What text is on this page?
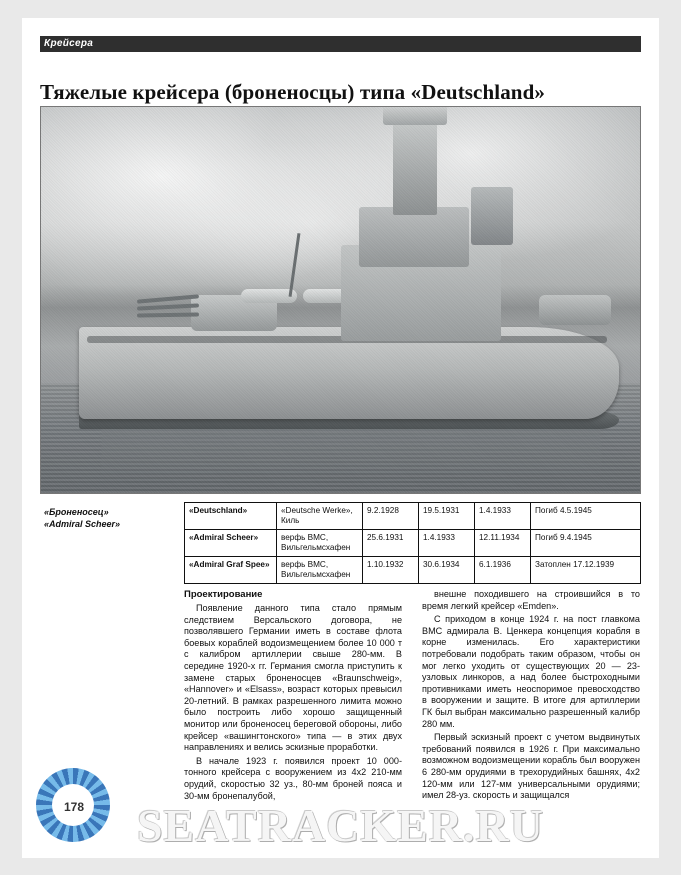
Крейсера
Тяжелые крейсера (броненосцы) типа «Deutschland»
«Броненосец»
«Admiral Scheer»
«Deutschland»	«Deutsche Werke», Киль	9.2.1928	19.5.1931	1.4.1933	Погиб 4.5.1945
«Admiral Scheer»	верфь ВМС, Вильгельмсхафен	25.6.1931	1.4.1933	12.11.1934	Погиб 9.4.1945
«Admiral Graf Spee»	верфь ВМС, Вильгельмсхафен	1.10.1932	30.6.1934	6.1.1936	Затоплен 17.12.1939
Проектирование

Появление данного типа стало прямым следствием Версальского договора, не позволявшего Германии иметь в составе флота боевых кораблей водоизмещением более 10 000 т с калибром артиллерии свыше 280-мм. В середине 1920-х гг. Германия смогла приступить к замене старых броненосцев «Braunschweig», «Hannover» и «Elsass», возраст которых превысил 20-летний. В рамках разрешенного лимита можно было построить либо хорошо защищенный монитор или броненосец береговой обороны, либо крейсер «вашингтонского» типа — в этих двух направлениях и велись эскизные проработки.

В начале 1923 г. появился проект 10 000-тонного крейсера с вооружением из 4х2 210-мм орудий, скоростью 32 уз., 80-мм броней пояса и 30-мм бронепалубой,

внешне походившего на строившийся в то время легкий крейсер «Emden».

С приходом в конце 1924 г. на пост главкома ВМС адмирала В. Ценкера концепция корабля в корне изменилась. Его характеристики потребовали подобрать таким образом, чтобы он мог легко уходить от существующих 20 — 23-узловых линкоров, а над более быстроходными противниками иметь неоспоримое превосходство в вооружении и защите. В итоге для артиллерии ГК был выбран максимально разрешенный калибр 280 мм.

Первый эскизный проект с учетом выдвинутых требований появился в 1926 г. При максимально возможном водоизмещении корабль был вооружен 6 280-мм орудиями в трехорудийных башнях, 4х2 120-мм или 127-мм универсальными орудиями; имел 28-уз. скорость и защищался

178	SEATRACKER.RU
